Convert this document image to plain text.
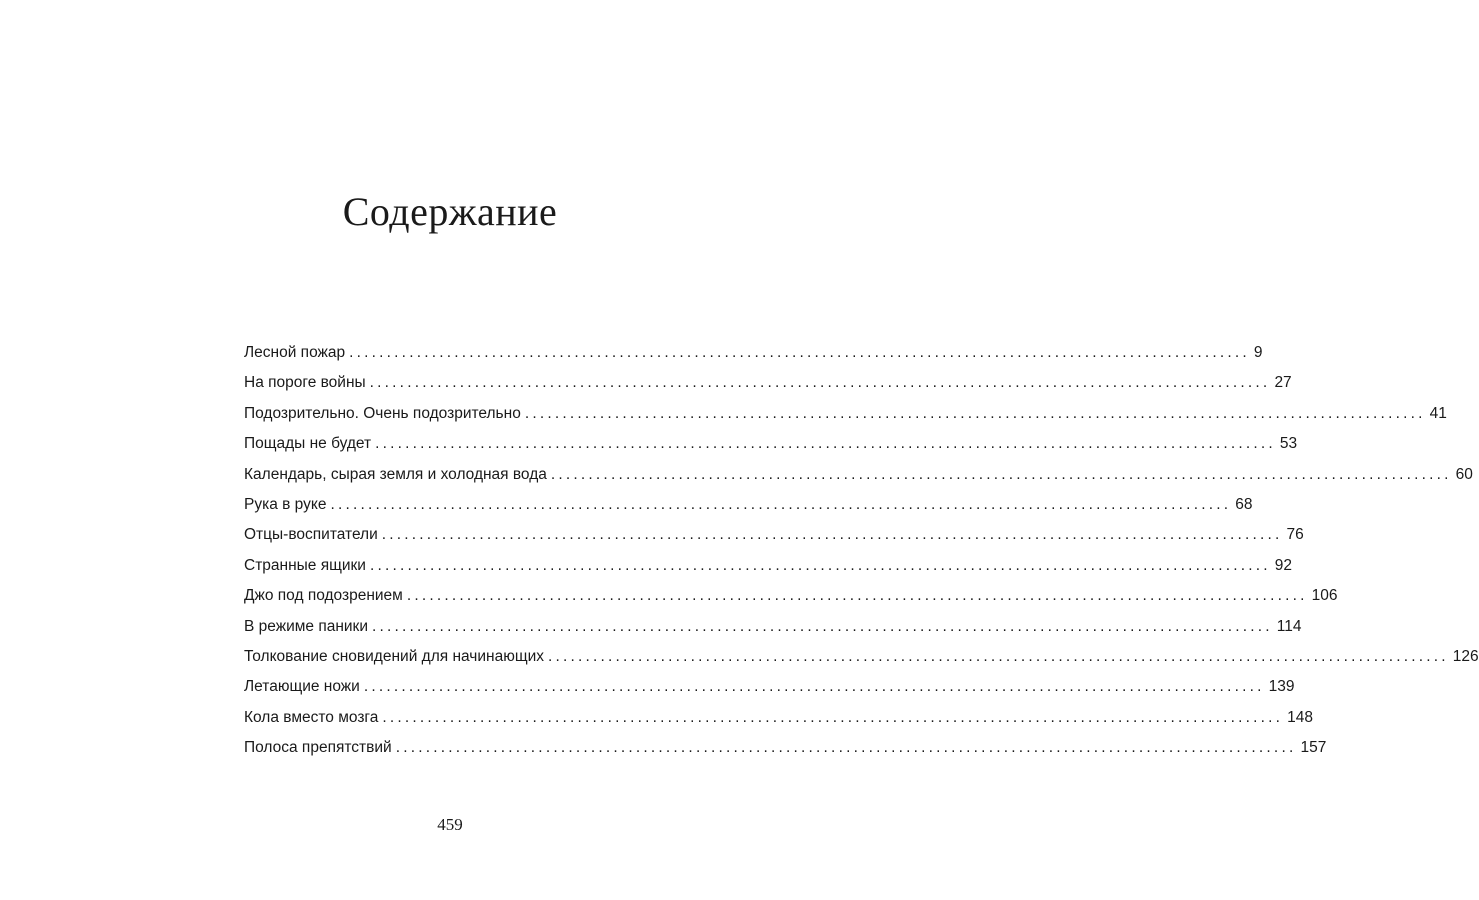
Содержание
Лесной пожар ........................................................................................................................ 9
На пороге войны ........................................................................................................................ 27
Подозрительно. Очень подозрительно ........................................................................................................................ 41
Пощады не будет ........................................................................................................................ 53
Календарь, сырая земля и холодная вода ........................................................................................................................ 60
Рука в руке ........................................................................................................................ 68
Отцы-воспитатели ........................................................................................................................ 76
Странные ящики ........................................................................................................................ 92
Джо под подозрением ........................................................................................................................ 106
В режиме паники ........................................................................................................................ 114
Толкование сновидений для начинающих ........................................................................................................................ 126
Летающие ножи ........................................................................................................................ 139
Кола вместо мозга ........................................................................................................................ 148
Полоса препятствий ........................................................................................................................ 157
459
